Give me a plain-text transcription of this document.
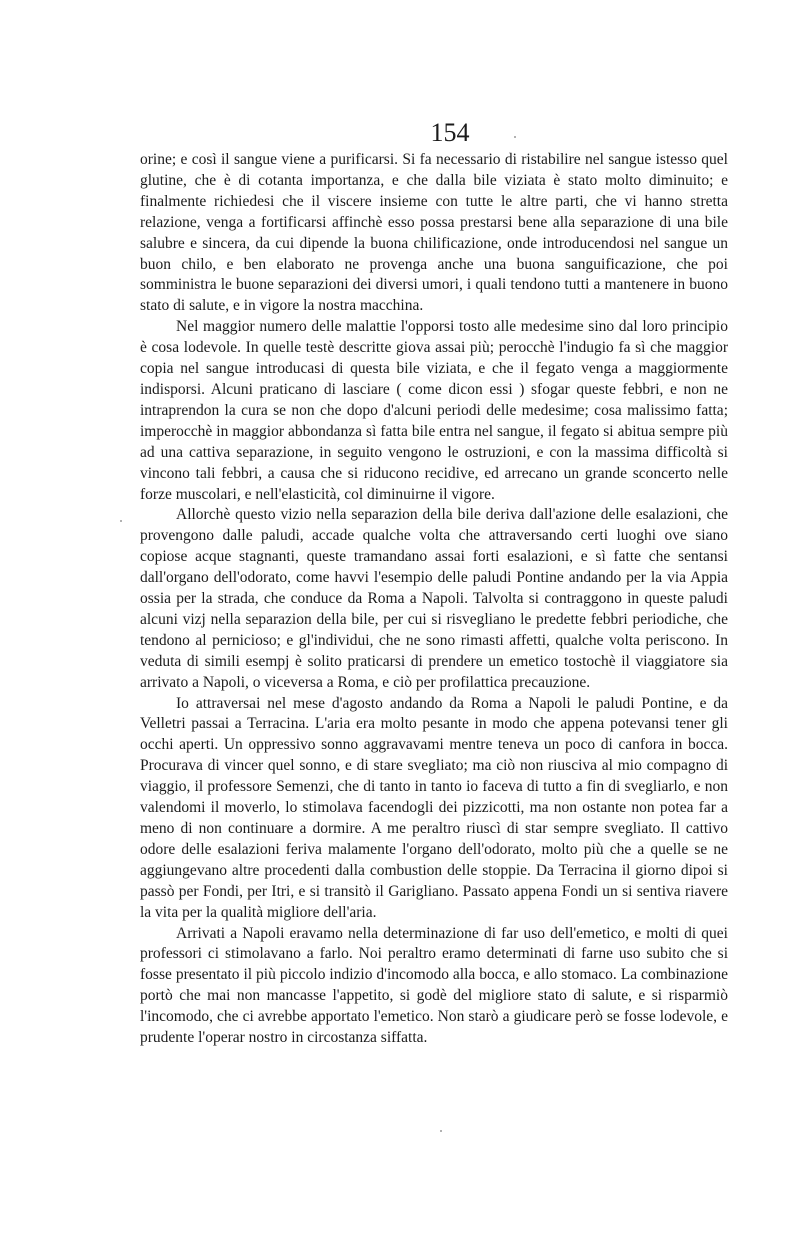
154

orine; e così il sangue viene a purificarsi. Si fa necessario di ristabilire nel sangue istesso quel glutine, che è di cotanta importanza, e che dalla bile viziata è stato molto diminuito; e finalmente richiedesi che il viscere insieme con tutte le altre parti, che vi hanno stretta relazione, venga a fortificarsi affinchè esso possa prestarsi bene alla separazione di una bile salubre e sincera, da cui dipende la buona chilificazione, onde introducendosi nel sangue un buon chilo, e ben elaborato ne provenga anche una buona sanguificazione, che poi somministra le buone separazioni dei diversi umori, i quali tendono tutti a mantenere in buono stato di salute, e in vigore la nostra macchina.

Nel maggior numero delle malattie l'opporsi tosto alle medesime sino dal loro principio è cosa lodevole. In quelle testè descritte giova assai più; perocchè l'indugio fa sì che maggior copia nel sangue introducasi di questa bile viziata, e che il fegato venga a maggiormente indisporsi. Alcuni praticano di lasciare ( come dicon essi ) sfogar queste febbri, e non ne intraprendon la cura se non che dopo d'alcuni periodi delle medesime; cosa malissimo fatta; imperocchè in maggior abbondanza sì fatta bile entra nel sangue, il fegato si abitua sempre più ad una cattiva separazione, in seguito vengono le ostruzioni, e con la massima difficoltà si vincono tali febbri, a causa che si riducono recidive, ed arrecano un grande sconcerto nelle forze muscolari, e nell'elasticità, col diminuirne il vigore.

Allorchè questo vizio nella separazion della bile deriva dall'azione delle esalazioni, che provengono dalle paludi, accade qualche volta che attraversando certi luoghi ove siano copiose acque stagnanti, queste tramandano assai forti esalazioni, e sì fatte che sentansi dall'organo dell'odorato, come havvi l'esempio delle paludi Pontine andando per la via Appia ossia per la strada, che conduce da Roma a Napoli. Talvolta si contraggono in queste paludi alcuni vizj nella separazion della bile, per cui si risvegliano le predette febbri periodiche, che tendono al pernicioso; e gl'individui, che ne sono rimasti affetti, qualche volta periscono. In veduta di simili esempj è solito praticarsi di prendere un emetico tostochè il viaggiatore sia arrivato a Napoli, o viceversa a Roma, e ciò per profilattica precauzione.

Io attraversai nel mese d'agosto andando da Roma a Napoli le paludi Pontine, e da Velletri passai a Terracina. L'aria era molto pesante in modo che appena potevansi tener gli occhi aperti. Un oppressivo sonno aggravavami mentre teneva un poco di canfora in bocca. Procurava di vincer quel sonno, e di stare svegliato; ma ciò non riusciva al mio compagno di viaggio, il professore Semenzi, che di tanto in tanto io faceva di tutto a fin di svegliarlo, e non valendomi il moverlo, lo stimolava facendogli dei pizzicotti, ma non ostante non potea far a meno di non continuare a dormire. A me peraltro riuscì di star sempre svegliato. Il cattivo odore delle esalazioni feriva malamente l'organo dell'odorato, molto più che a quelle se ne aggiungevano altre procedenti dalla combustion delle stoppie. Da Terracina il giorno dipoi si passò per Fondi, per Itri, e si transitò il Garigliano. Passato appena Fondi un si sentiva riavere la vita per la qualità migliore dell'aria.

Arrivati a Napoli eravamo nella determinazione di far uso dell'emetico, e molti di quei professori ci stimolavano a farlo. Noi peraltro eramo determinati di farne uso subito che si fosse presentato il più piccolo indizio d'incomodo alla bocca, e allo stomaco. La combinazione portò che mai non mancasse l'appetito, si godè del migliore stato di salute, e si risparmiò l'incomodo, che ci avrebbe apportato l'emetico. Non starò a giudicare però se fosse lodevole, e prudente l'operar nostro in circostanza siffatta.
